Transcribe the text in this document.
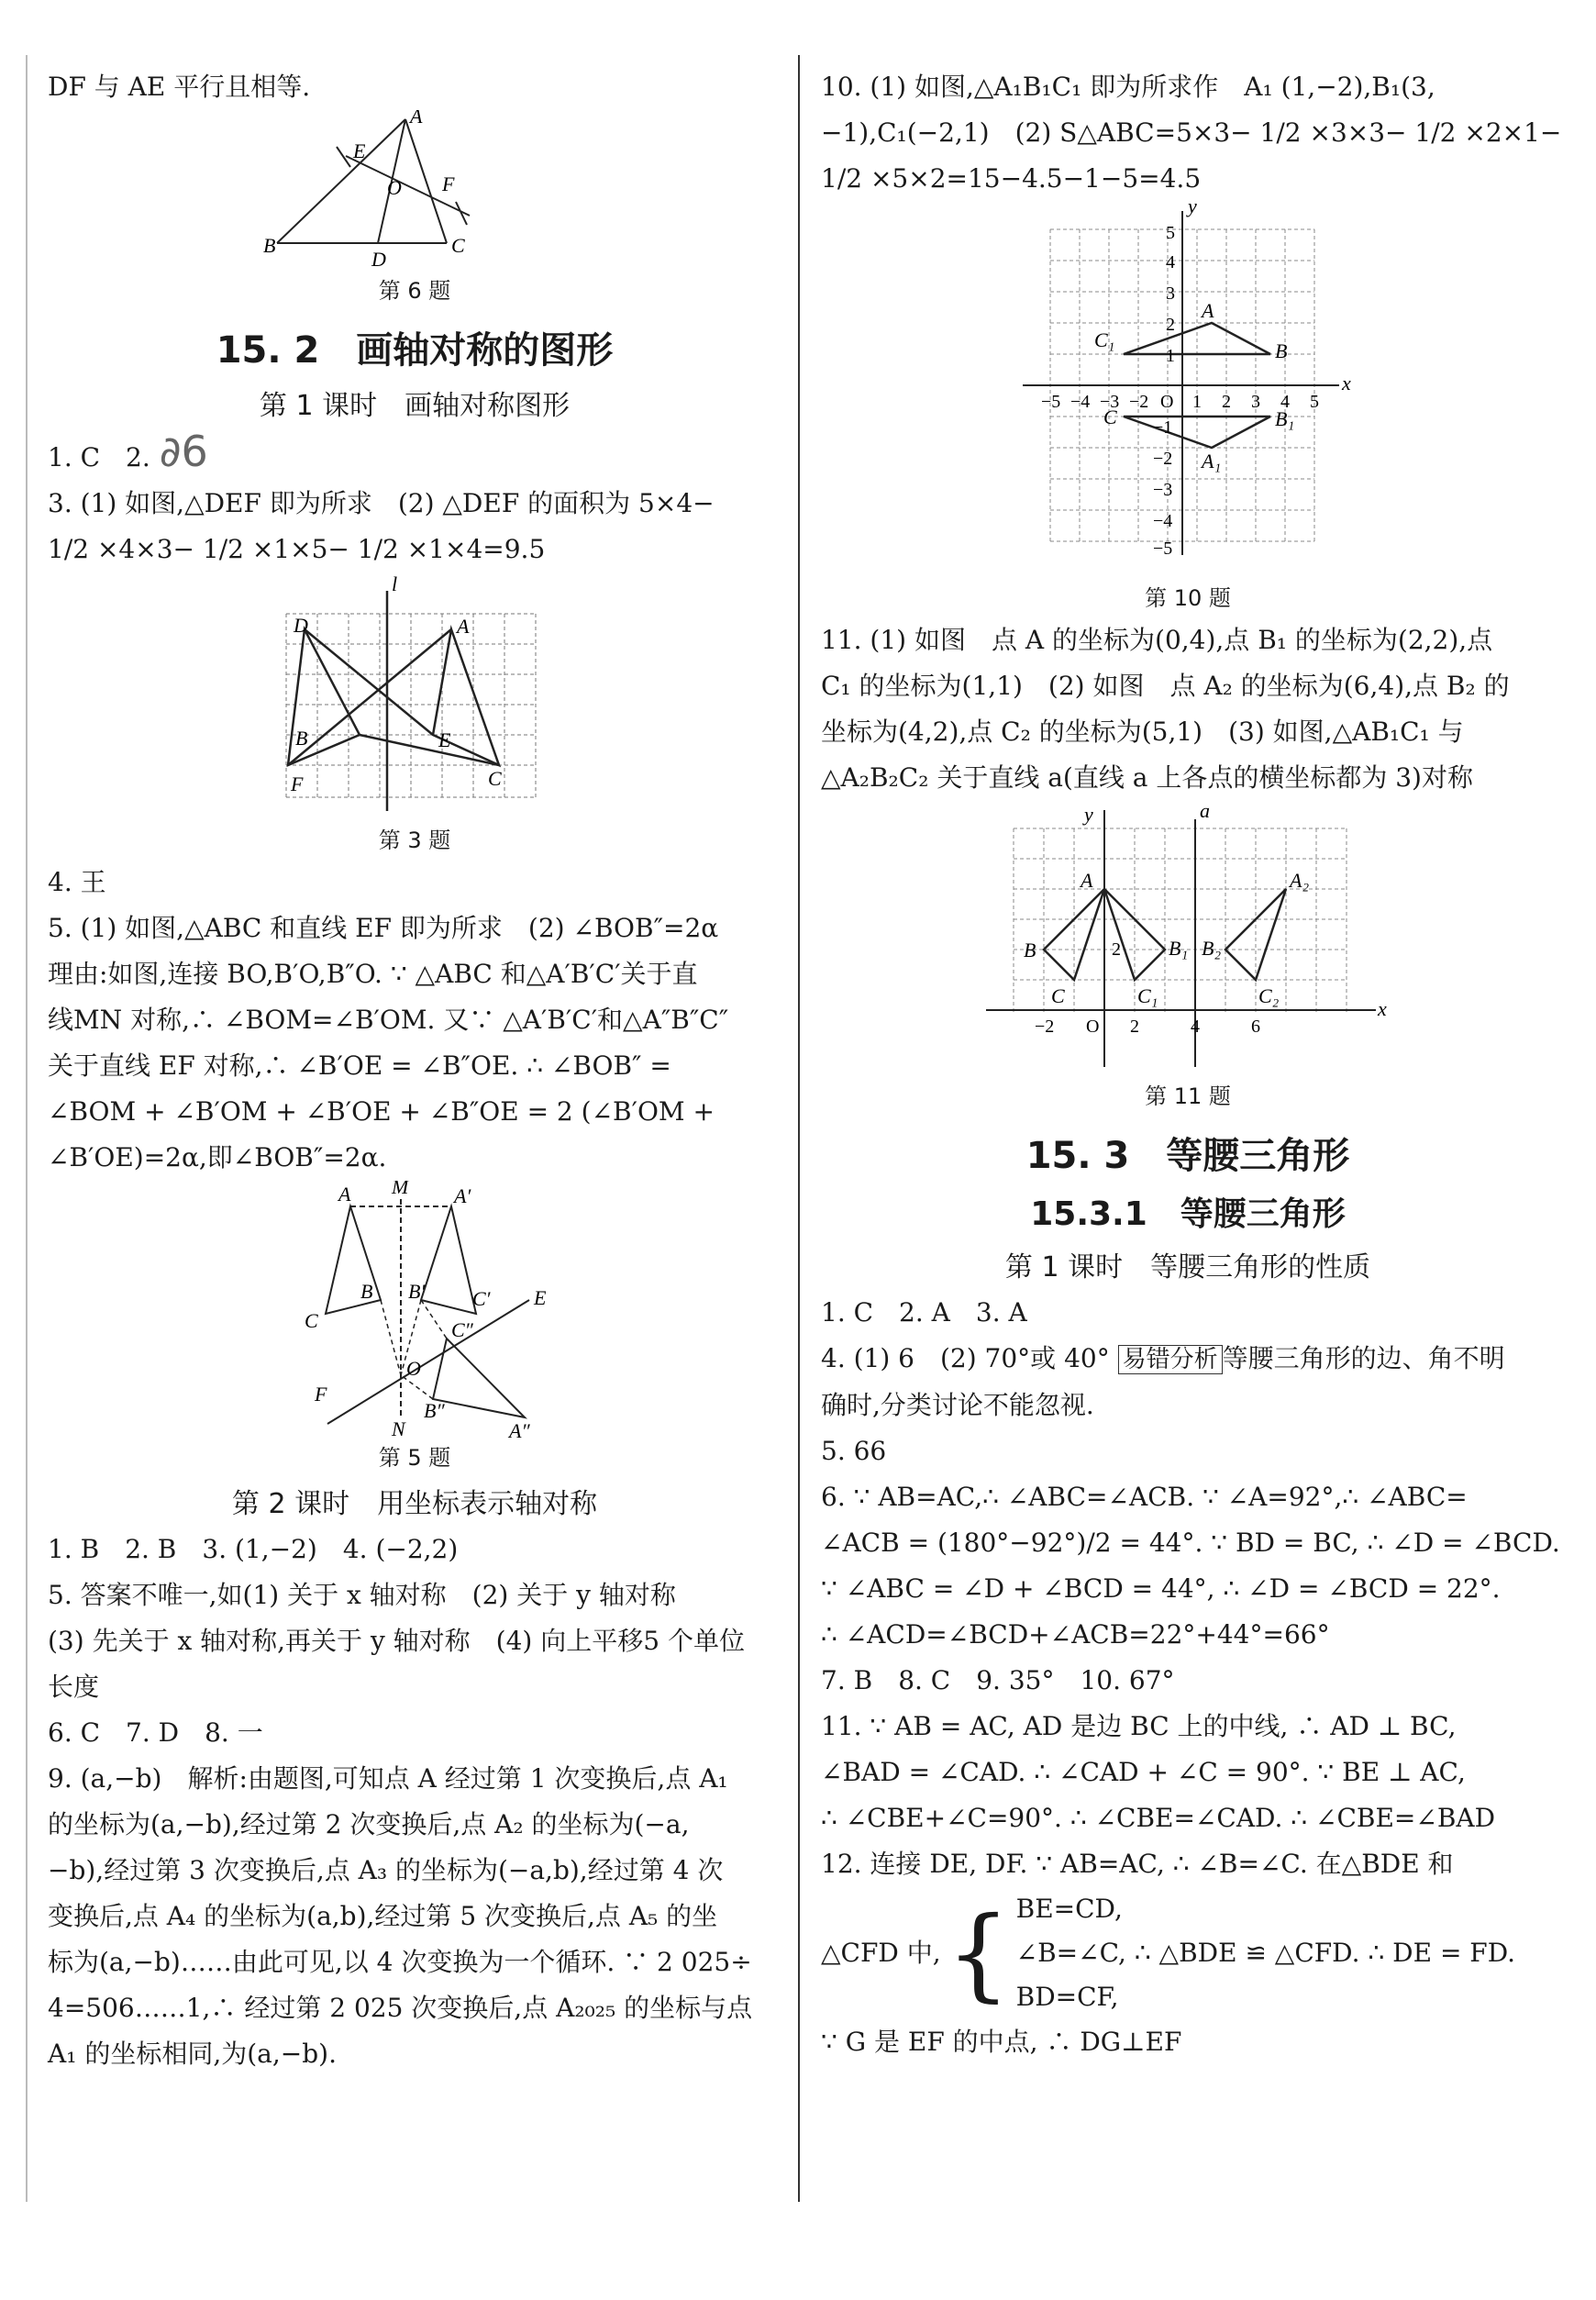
DF 与 AE 平行且相等.
A
E
O F
B
D
C
第 6 题
15. 2　画轴对称的图形
第 1 课时　画轴对称图形
1. C　2. ∂6
3. (1) 如图,△DEF 即为所求　(2) △DEF 的面积为 5×4−
1/2 ×4×3− 1/2 ×1×5− 1/2 ×1×4=9.5
l
D	A
B	E
F	C
第 3 题
4. 王
5. (1) 如图,△ABC 和直线 EF 即为所求　(2) ∠BOB″=2α
理由:如图,连接 BO,B′O,B″O. ∵ △ABC 和△A′B′C′关于直
线MN 对称,∴ ∠BOM=∠B′OM. 又∵ △A′B′C′和△A″B″C″
关于直线 EF 对称,∴ ∠B′OE = ∠B″OE. ∴ ∠BOB″ =
∠BOM + ∠B′OM + ∠B′OE + ∠B″OE = 2 (∠B′OM +
∠B′OE)=2α,即∠BOB″=2α.
A M A′
B B′
C
C′ E
C″
F
O
B″
N	A″
第 5 题
第 2 课时　用坐标表示轴对称
1. B　2. B　3. (1,−2)　4. (−2,2)
5. 答案不唯一,如(1) 关于 x 轴对称　(2) 关于 y 轴对称
(3) 先关于 x 轴对称,再关于 y 轴对称　(4) 向上平移5 个单位
长度
6. C　7. D　8. 一
9. (a,−b)　解析:由题图,可知点 A 经过第 1 次变换后,点 A₁
的坐标为(a,−b),经过第 2 次变换后,点 A₂ 的坐标为(−a,
−b),经过第 3 次变换后,点 A₃ 的坐标为(−a,b),经过第 4 次
变换后,点 A₄ 的坐标为(a,b),经过第 5 次变换后,点 A₅ 的坐
标为(a,−b)……由此可见,以 4 次变换为一个循环. ∵ 2 025÷
4=506……1,∴ 经过第 2 025 次变换后,点 A₂₀₂₅ 的坐标与点
A₁ 的坐标相同,为(a,−b).
10. (1) 如图,△A₁B₁C₁ 即为所求作　A₁ (1,−2),B₁(3,
−1),C₁(−2,1)　(2) S△ABC=5×3− 1/2 ×3×3− 1/2 ×2×1−
1/2 ×5×2=15−4.5−1−5=4.5
y
x
A
B
C₁
C
A₁
B₁
5
4
3
2
1
−5 −4 −3 −2 O 1 2 3 4 5
−1
−2
−3
−4
−5
第 10 题
11. (1) 如图　点 A 的坐标为(0,4),点 B₁ 的坐标为(2,2),点
C₁ 的坐标为(1,1)　(2) 如图　点 A₂ 的坐标为(6,4),点 B₂ 的
坐标为(4,2),点 C₂ 的坐标为(5,1)　(3) 如图,△AB₁C₁ 与
△A₂B₂C₂ 关于直线 a(直线 a 上各点的横坐标都为 3)对称
y	a
A	A₂
B	B₁ B₂
C	C₁	C₂
x
−2 O 2	4	6
2
第 11 题
15. 3　等腰三角形
15.3.1　等腰三角形
第 1 课时　等腰三角形的性质
1. C　2. A　3. A
4. (1) 6　(2) 70°或 40° 易错分析 等腰三角形的边、角不明
确时,分类讨论不能忽视.
5. 66
6. ∵ AB=AC,∴ ∠ABC=∠ACB. ∵ ∠A=92°,∴ ∠ABC=
∠ACB = (180°−92°)/2 = 44°. ∵ BD = BC, ∴ ∠D = ∠BCD.
∵ ∠ABC = ∠D + ∠BCD = 44°, ∴ ∠D = ∠BCD = 22°.
∴ ∠ACD=∠BCD+∠ACB=22°+44°=66°
7. B　8. C　9. 35°　10. 67°
11. ∵ AB = AC, AD 是边 BC 上的中线, ∴ AD ⊥ BC,
∠BAD = ∠CAD. ∴ ∠CAD + ∠C = 90°. ∵ BE ⊥ AC,
∴ ∠CBE+∠C=90°. ∴ ∠CBE=∠CAD. ∴ ∠CBE=∠BAD
12. 连接 DE, DF. ∵ AB=AC, ∴ ∠B=∠C. 在△BDE 和
△CFD 中, { BE=CD,
∠B=∠C, ∴ △BDE ≌ △CFD. ∴ DE = FD.
BD=CF,
∵ G 是 EF 的中点, ∴ DG⊥EF
